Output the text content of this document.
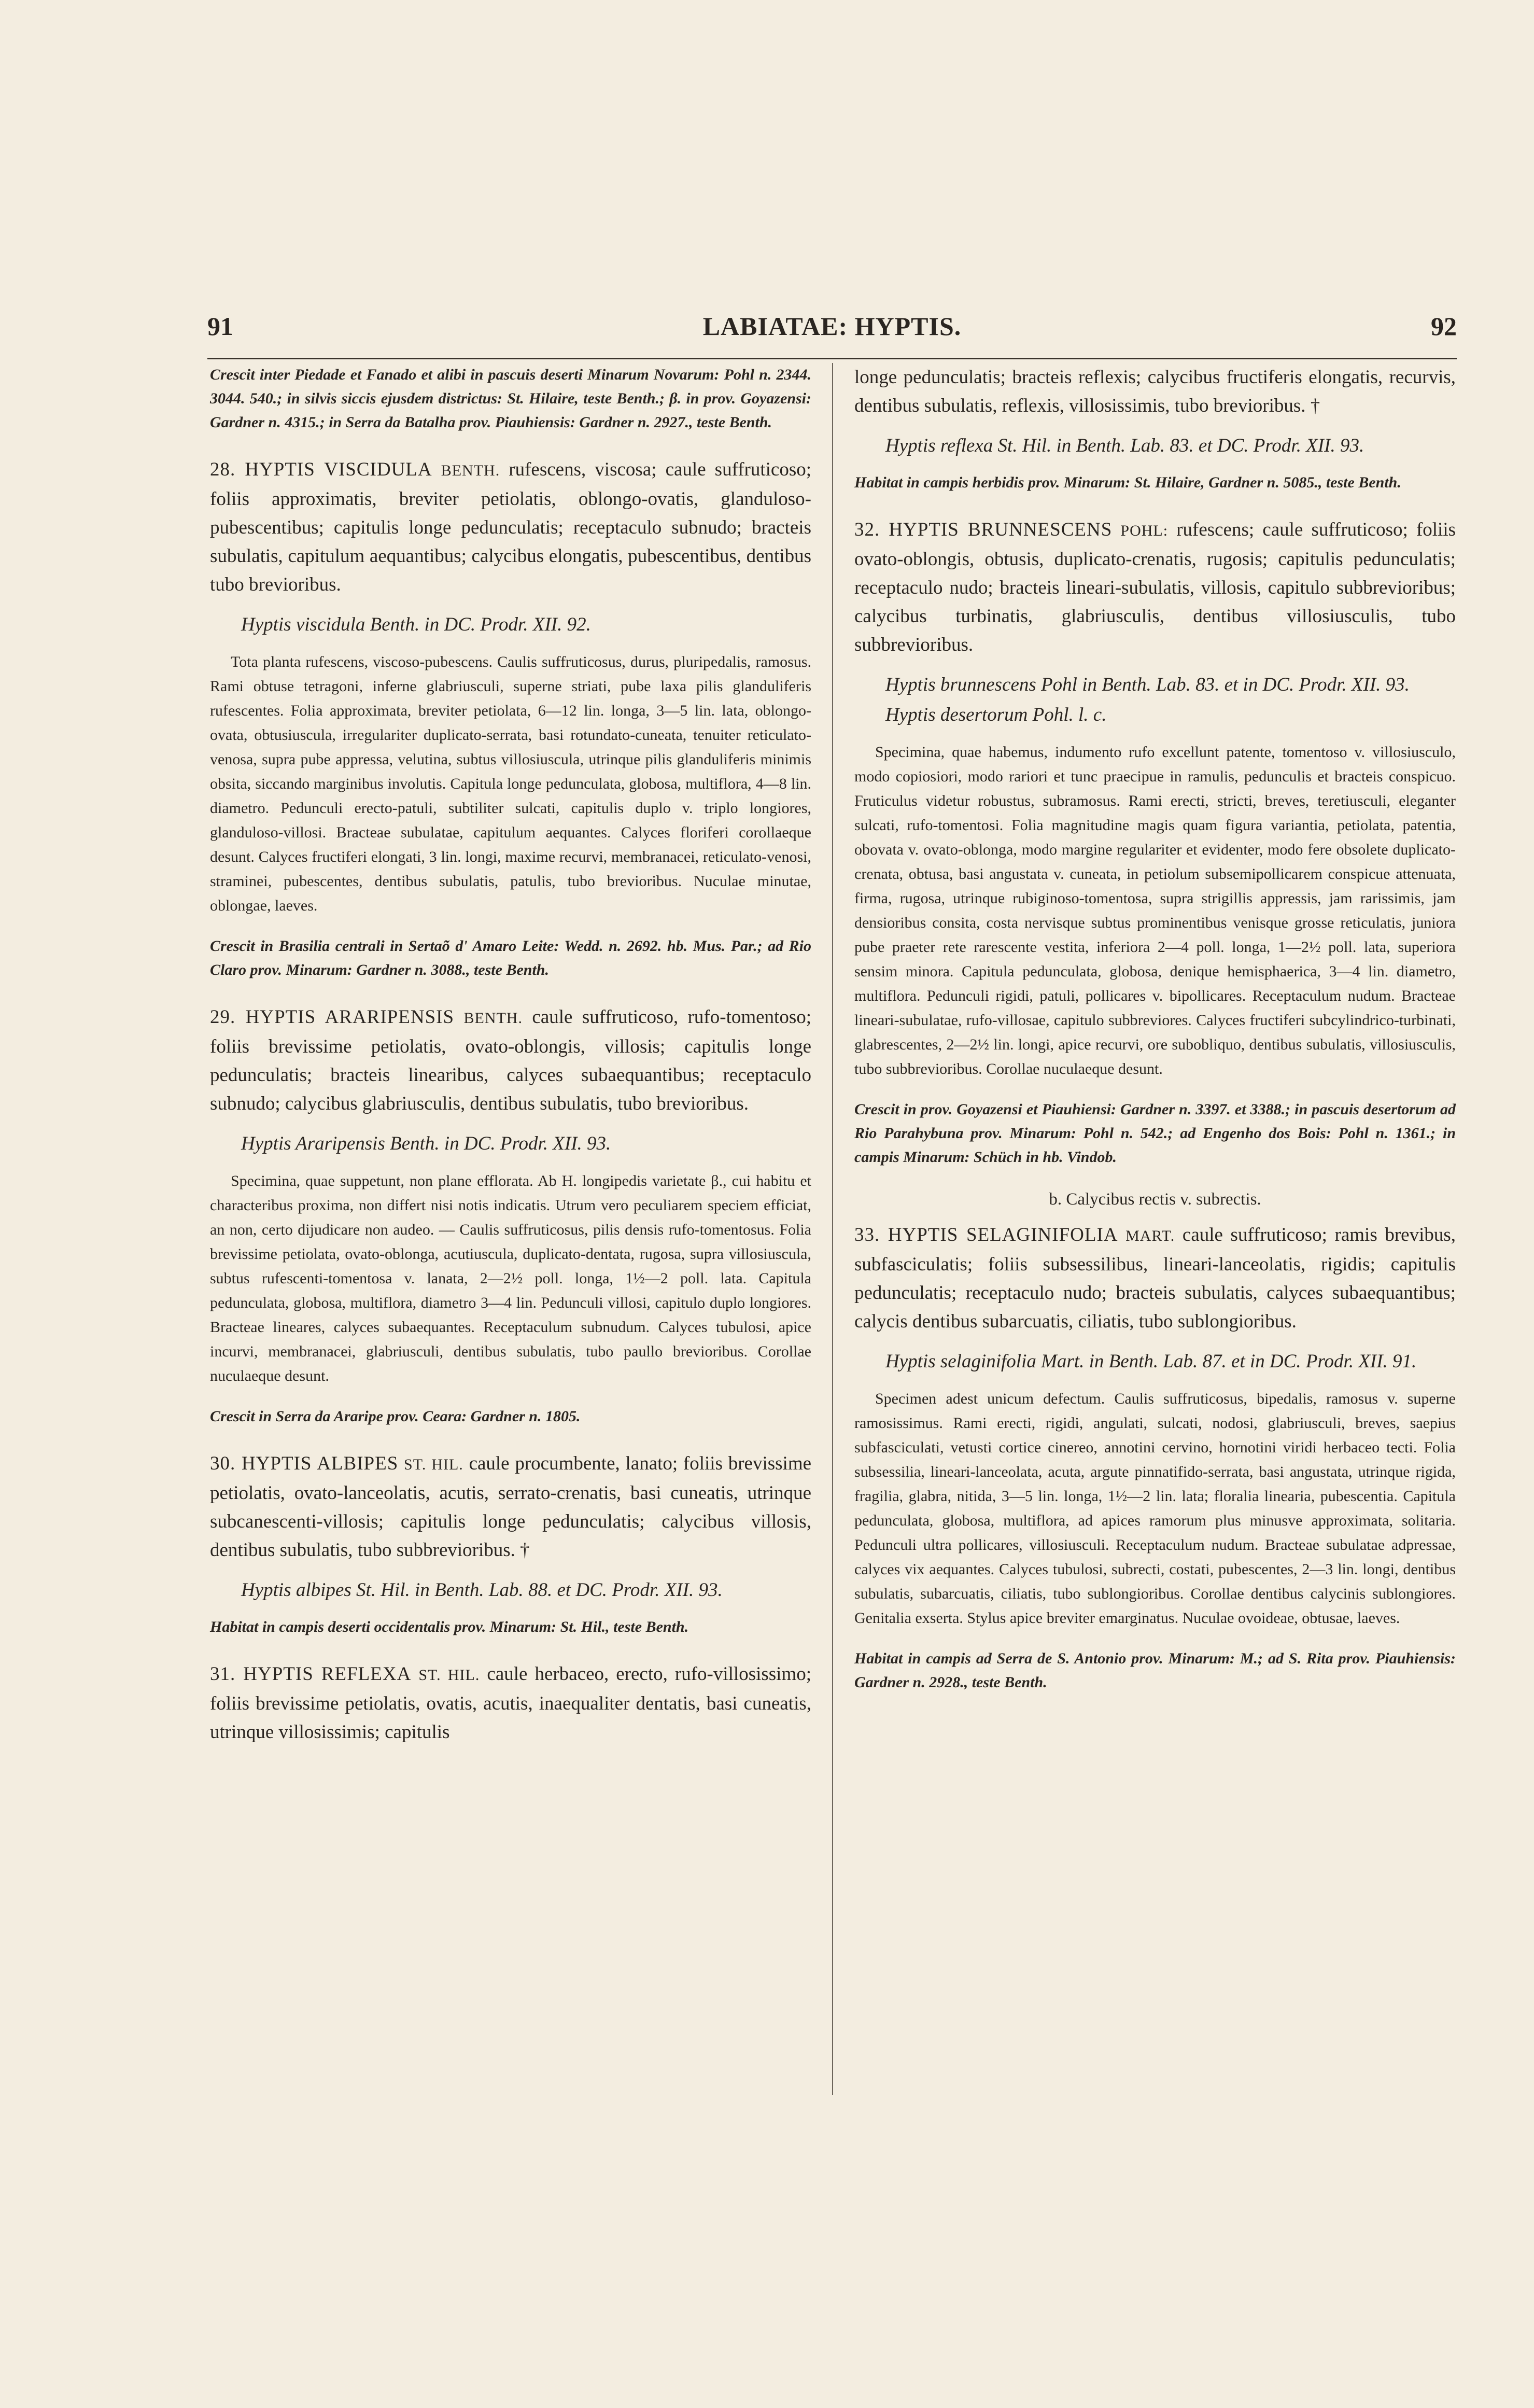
91	LABIATAE: HYPTIS.	92

Crescit inter Piedade et Fanado et alibi in pascuis deserti Minarum Novarum: Pohl n. 2344. 3044. 540.; in silvis siccis ejusdem districtus: St. Hilaire, teste Benth.; β. in prov. Goyazensi: Gardner n. 4315.; in Serra da Batalha prov. Piauhiensis: Gardner n. 2927., teste Benth.

28. HYPTIS VISCIDULA BENTH. rufescens, viscosa; caule suffruticoso; foliis approximatis, breviter petiolatis, oblongo-ovatis, glanduloso-pubescentibus; capitulis longe pedunculatis; receptaculo subnudo; bracteis subulatis, capitulum aequantibus; calycibus elongatis, pubescentibus, dentibus tubo brevioribus.

Hyptis viscidula Benth. in DC. Prodr. XII. 92.

Tota planta rufescens, viscoso-pubescens. Caulis suffruticosus, durus, pluripedalis, ramosus. Rami obtuse tetragoni, inferne glabriusculi, superne striati, pube laxa pilis glanduliferis rufescentes. Folia approximata, breviter petiolata, 6—12 lin. longa, 3—5 lin. lata, oblongo-ovata, obtusiuscula, irregulariter duplicato-serrata, basi rotundato-cuneata, tenuiter reticulato-venosa, supra pube appressa, velutina, subtus villosiuscula, utrinque pilis glanduliferis minimis obsita, siccando marginibus involutis. Capitula longe pedunculata, globosa, multiflora, 4—8 lin. diametro. Pedunculi erecto-patuli, subtiliter sulcati, capitulis duplo v. triplo longiores, glanduloso-villosi. Bracteae subulatae, capitulum aequantes. Calyces floriferi corollaeque desunt. Calyces fructiferi elongati, 3 lin. longi, maxime recurvi, membranacei, reticulato-venosi, straminei, pubescentes, dentibus subulatis, patulis, tubo brevioribus. Nuculae minutae, oblongae, laeves.

Crescit in Brasilia centrali in Sertaõ d' Amaro Leite: Wedd. n. 2692. hb. Mus. Par.; ad Rio Claro prov. Minarum: Gardner n. 3088., teste Benth.

29. HYPTIS ARARIPENSIS BENTH. caule suffruticoso, rufo-tomentoso; foliis brevissime petiolatis, ovato-oblongis, villosis; capitulis longe pedunculatis; bracteis linearibus, calyces subaequantibus; receptaculo subnudo; calycibus glabriusculis, dentibus subulatis, tubo brevioribus.

Hyptis Araripensis Benth. in DC. Prodr. XII. 93.

Specimina, quae suppetunt, non plane efflorata. Ab H. longipedis varietate β., cui habitu et characteribus proxima, non differt nisi notis indicatis. Utrum vero peculiarem speciem efficiat, an non, certo dijudicare non audeo. — Caulis suffruticosus, pilis densis rufo-tomentosus. Folia brevissime petiolata, ovato-oblonga, acutiuscula, duplicato-dentata, rugosa, supra villosiuscula, subtus rufescenti-tomentosa v. lanata, 2—2½ poll. longa, 1½—2 poll. lata. Capitula pedunculata, globosa, multiflora, diametro 3—4 lin. Pedunculi villosi, capitulo duplo longiores. Bracteae lineares, calyces subaequantes. Receptaculum subnudum. Calyces tubulosi, apice incurvi, membranacei, glabriusculi, dentibus subulatis, tubo paullo brevioribus. Corollae nuculaeque desunt.

Crescit in Serra da Araripe prov. Ceara: Gardner n. 1805.

30. HYPTIS ALBIPES ST. HIL. caule procumbente, lanato; foliis brevissime petiolatis, ovato-lanceolatis, acutis, serrato-crenatis, basi cuneatis, utrinque subcanescenti-villosis; capitulis longe pedunculatis; calycibus villosis, dentibus subulatis, tubo subbrevioribus. †

Hyptis albipes St. Hil. in Benth. Lab. 88. et DC. Prodr. XII. 93.

Habitat in campis deserti occidentalis prov. Minarum: St. Hil., teste Benth.

31. HYPTIS REFLEXA ST. HIL. caule herbaceo, erecto, rufo-villosissimo; foliis brevissime petiolatis, ovatis, acutis, inaequaliter dentatis, basi cuneatis, utrinque villosissimis; capitulis

longe pedunculatis; bracteis reflexis; calycibus fructiferis elongatis, recurvis, dentibus subulatis, reflexis, villosissimis, tubo brevioribus. †

Hyptis reflexa St. Hil. in Benth. Lab. 83. et DC. Prodr. XII. 93.

Habitat in campis herbidis prov. Minarum: St. Hilaire, Gardner n. 5085., teste Benth.

32. HYPTIS BRUNNESCENS POHL: rufescens; caule suffruticoso; foliis ovato-oblongis, obtusis, duplicato-crenatis, rugosis; capitulis pedunculatis; receptaculo nudo; bracteis lineari-subulatis, villosis, capitulo subbrevioribus; calycibus turbinatis, glabriusculis, dentibus villosiusculis, tubo subbrevioribus.

Hyptis brunnescens Pohl in Benth. Lab. 83. et in DC. Prodr. XII. 93.

Hyptis desertorum Pohl. l. c.

Specimina, quae habemus, indumento rufo excellunt patente, tomentoso v. villosiusculo, modo copiosiori, modo rariori et tunc praecipue in ramulis, pedunculis et bracteis conspicuo. Fruticulus videtur robustus, subramosus. Rami erecti, stricti, breves, teretiusculi, eleganter sulcati, rufo-tomentosi. Folia magnitudine magis quam figura variantia, petiolata, patentia, obovata v. ovato-oblonga, modo margine regulariter et evidenter, modo fere obsolete duplicato-crenata, obtusa, basi angustata v. cuneata, in petiolum subsemipollicarem conspicue attenuata, firma, rugosa, utrinque rubiginoso-tomentosa, supra strigillis appressis, jam rarissimis, jam densioribus consita, costa nervisque subtus prominentibus venisque grosse reticulatis, juniora pube praeter rete rarescente vestita, inferiora 2—4 poll. longa, 1—2½ poll. lata, superiora sensim minora. Capitula pedunculata, globosa, denique hemisphaerica, 3—4 lin. diametro, multiflora. Pedunculi rigidi, patuli, pollicares v. bipollicares. Receptaculum nudum. Bracteae lineari-subulatae, rufo-villosae, capitulo subbreviores. Calyces fructiferi subcylindrico-turbinati, glabrescentes, 2—2½ lin. longi, apice recurvi, ore subobliquo, dentibus subulatis, villosiusculis, tubo subbrevioribus. Corollae nuculaeque desunt.

Crescit in prov. Goyazensi et Piauhiensi: Gardner n. 3397. et 3388.; in pascuis desertorum ad Rio Parahybuna prov. Minarum: Pohl n. 542.; ad Engenho dos Bois: Pohl n. 1361.; in campis Minarum: Schüch in hb. Vindob.

b. Calycibus rectis v. subrectis.

33. HYPTIS SELAGINIFOLIA MART. caule suffruticoso; ramis brevibus, subfasciculatis; foliis subsessilibus, lineari-lanceolatis, rigidis; capitulis pedunculatis; receptaculo nudo; bracteis subulatis, calyces subaequantibus; calycis dentibus subarcuatis, ciliatis, tubo sublongioribus.

Hyptis selaginifolia Mart. in Benth. Lab. 87. et in DC. Prodr. XII. 91.

Specimen adest unicum defectum. Caulis suffruticosus, bipedalis, ramosus v. superne ramosissimus. Rami erecti, rigidi, angulati, sulcati, nodosi, glabriusculi, breves, saepius subfasciculati, vetusti cortice cinereo, annotini cervino, hornotini viridi herbaceo tecti. Folia subsessilia, lineari-lanceolata, acuta, argute pinnatifido-serrata, basi angustata, utrinque rigida, fragilia, glabra, nitida, 3—5 lin. longa, 1½—2 lin. lata; floralia linearia, pubescentia. Capitula pedunculata, globosa, multiflora, ad apices ramorum plus minusve approximata, solitaria. Pedunculi ultra pollicares, villosiusculi. Receptaculum nudum. Bracteae subulatae adpressae, calyces vix aequantes. Calyces tubulosi, subrecti, costati, pubescentes, 2—3 lin. longi, dentibus subulatis, subarcuatis, ciliatis, tubo sublongioribus. Corollae dentibus calycinis sublongiores. Genitalia exserta. Stylus apice breviter emarginatus. Nuculae ovoideae, obtusae, laeves.

Habitat in campis ad Serra de S. Antonio prov. Minarum: M.; ad S. Rita prov. Piauhiensis: Gardner n. 2928., teste Benth.
